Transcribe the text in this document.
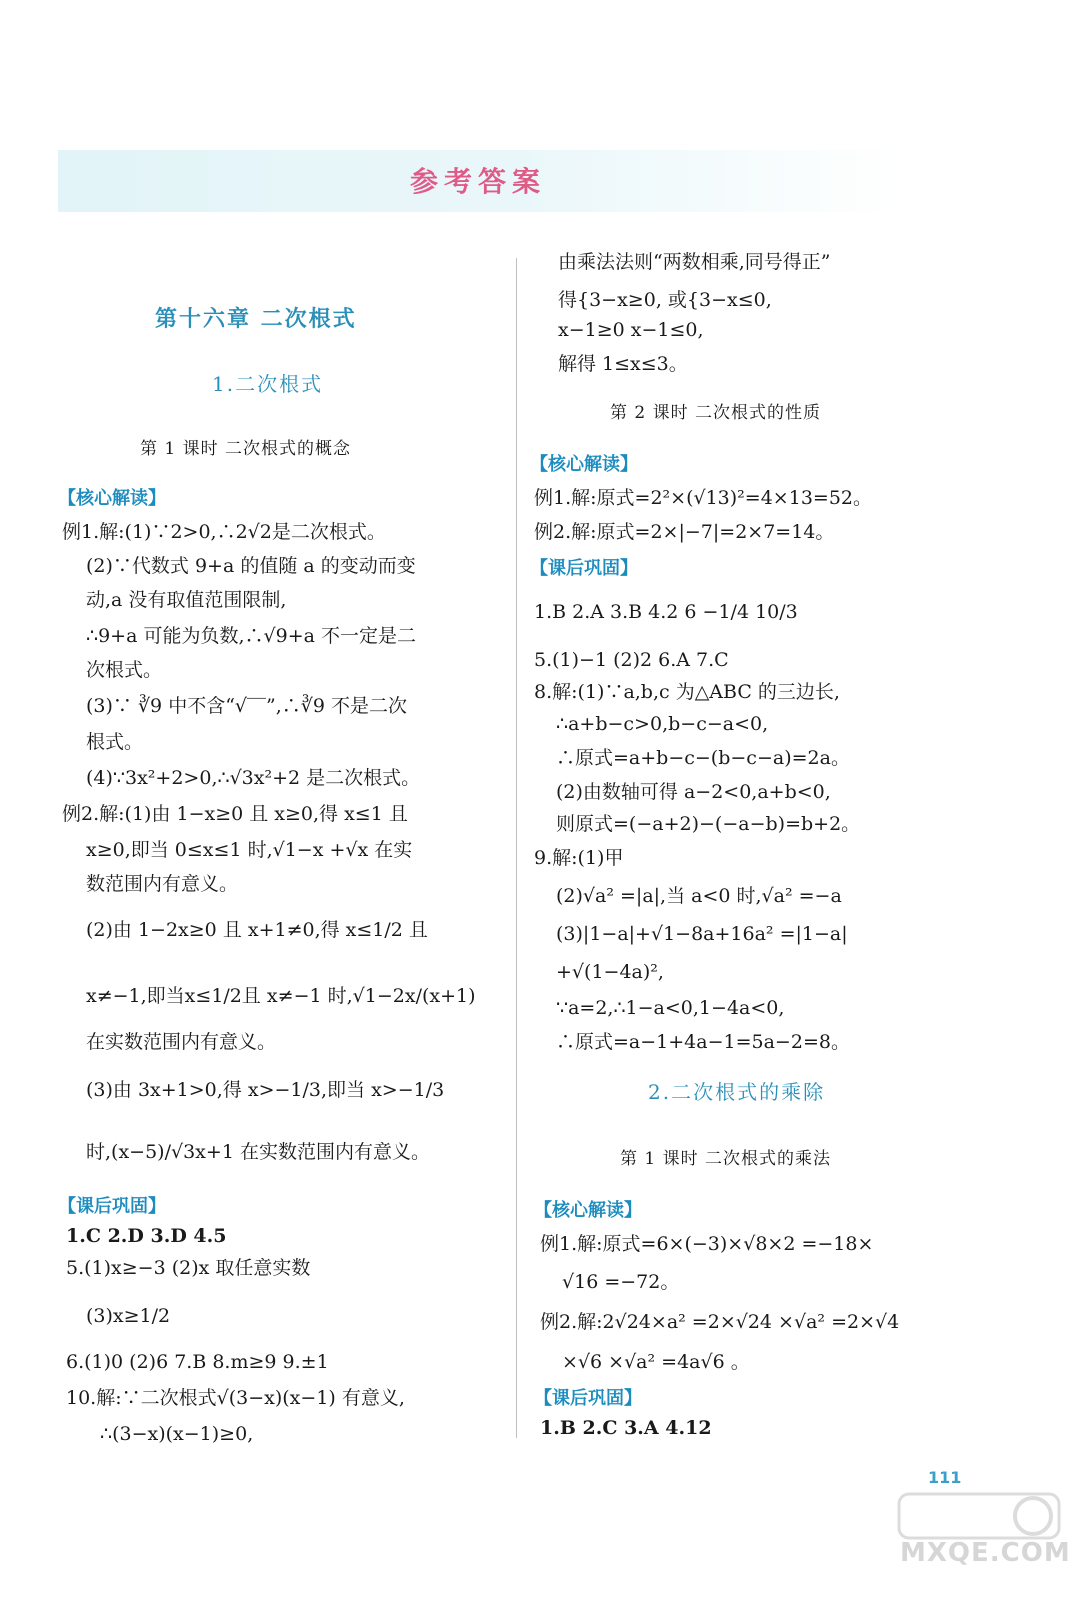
参考答案
第十六章 二次根式
1.二次根式
第 1 课时 二次根式的概念
【核心解读】
例1.解:(1)∵2>0,∴2√2是二次根式。
(2)∵代数式 9+a 的值随 a 的变动而变
动,a 没有取值范围限制,
∴9+a 可能为负数,∴√9+a 不一定是二
次根式。
(3)∵ ∛9 中不含“√‾‾”,∴∛9 不是二次
根式。
(4)∵3x²+2>0,∴√3x²+2 是二次根式。
例2.解:(1)由 1−x≥0 且 x≥0,得 x≤1 且
x≥0,即当 0≤x≤1 时,√1−x +√x 在实
数范围内有意义。
(2)由 1−2x≥0 且 x+1≠0,得 x≤1/2 且
x≠−1,即当x≤1/2且 x≠−1 时,√1−2x/(x+1)
在实数范围内有意义。
(3)由 3x+1>0,得 x>−1/3,即当 x>−1/3
时,(x−5)/√3x+1 在实数范围内有意义。
【课后巩固】
1.C 2.D 3.D 4.5
5.(1)x≥−3 (2)x 取任意实数
(3)x≥1/2
6.(1)0 (2)6 7.B 8.m≥9 9.±1
10.解:∵二次根式√(3−x)(x−1) 有意义,
∴(3−x)(x−1)≥0,
由乘法法则“两数相乘,同号得正”
得{3−x≥0, 或{3−x≤0,
x−1≥0 x−1≤0,
解得 1≤x≤3。
第 2 课时 二次根式的性质
【核心解读】
例1.解:原式=2²×(√13)²=4×13=52。
例2.解:原式=2×|−7|=2×7=14。
【课后巩固】
1.B 2.A 3.B 4.2 6 −1/4 10/3
5.(1)−1 (2)2 6.A 7.C
8.解:(1)∵a,b,c 为△ABC 的三边长,
∴a+b−c>0,b−c−a<0,
∴原式=a+b−c−(b−c−a)=2a。
(2)由数轴可得 a−2<0,a+b<0,
则原式=(−a+2)−(−a−b)=b+2。
9.解:(1)甲
(2)√a² =|a|,当 a<0 时,√a² =−a
(3)|1−a|+√1−8a+16a² =|1−a|
+√(1−4a)²,
∵a=2,∴1−a<0,1−4a<0,
∴原式=a−1+4a−1=5a−2=8。
2.二次根式的乘除
第 1 课时 二次根式的乘法
【核心解读】
例1.解:原式=6×(−3)×√8×2 =−18×
√16 =−72。
例2.解:2√24×a² =2×√24 ×√a² =2×√4
×√6 ×√a² =4a√6 。
【课后巩固】
1.B 2.C 3.A 4.12
111
MXQE.COM
